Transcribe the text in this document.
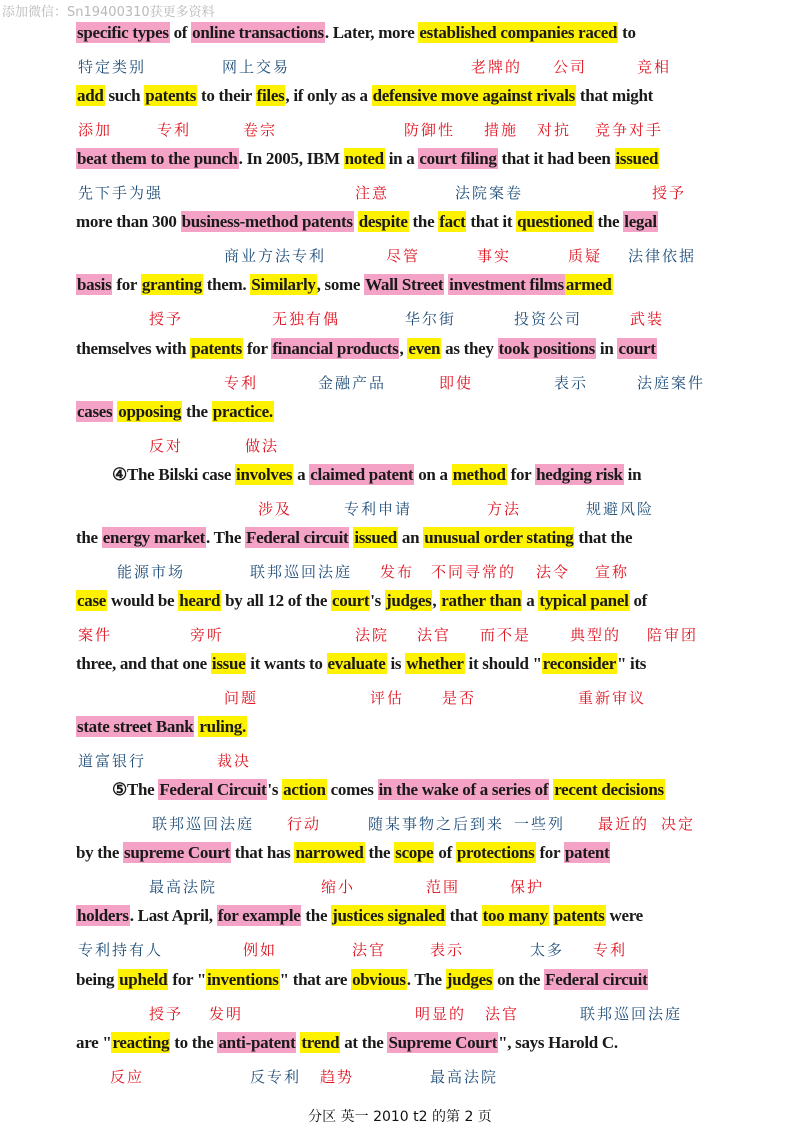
添加微信：Sn19400310获更多资料
specific types of online transactions. Later, more established companies raced to
特定类别	网上交易	老牌的 公司	竞相
add such patents to their files, if only as a defensive move against rivals that might
添加	专利	卷宗	防御性 措施 对抗 竞争对手
beat them to the punch. In 2005, IBM noted in a court filing that it had been issued
先下手为强	注意	法院案卷	授予
more than 300 business-method patents despite the fact that it questioned the legal
商业方法专利	尽管	事实	质疑 法律依据
basis for granting them. Similarly, some Wall Street investment films armed
授予	无独有偶	华尔街	投资公司	武装
themselves with patents for financial products, even as they took positions in court
专利	金融产品	即使	表示	法庭案件
cases opposing the practice.
反对	做法
④The Bilski case involves a claimed patent on a method for hedging risk in
涉及	专利申请	方法	规避风险
the energy market. The Federal circuit issued an unusual order stating that the
能源市场	联邦巡回法庭 发布 不同寻常的 法令 宣称
case would be heard by all 12 of the court's judges, rather than a typical panel of
案件	旁听	法院 法官 而不是	典型的 陪审团
three, and that one issue it wants to evaluate is whether it should "reconsider" its
问题	评估	是否	重新审议
state street Bank ruling.
道富银行	裁决
⑤The Federal Circuit's action comes in the wake of a series of recent decisions
联邦巡回法庭 行动	随某事物之后到来 一些列 最近的 决定
by the supreme Court that has narrowed the scope of protections for patent
最高法院	缩小	范围	保护
holders. Last April, for example the justices signaled that too many patents were
专利持有人	例如	法官	表示	太多 专利
being upheld for "inventions" that are obvious. The judges on the Federal circuit
授予 发明	明显的 法官	联邦巡回法庭
are "reacting to the anti-patent trend at the Supreme Court", says Harold C.
反应	反专利 趋势	最高法院
分区 英一 2010 t2 的第 2 页
